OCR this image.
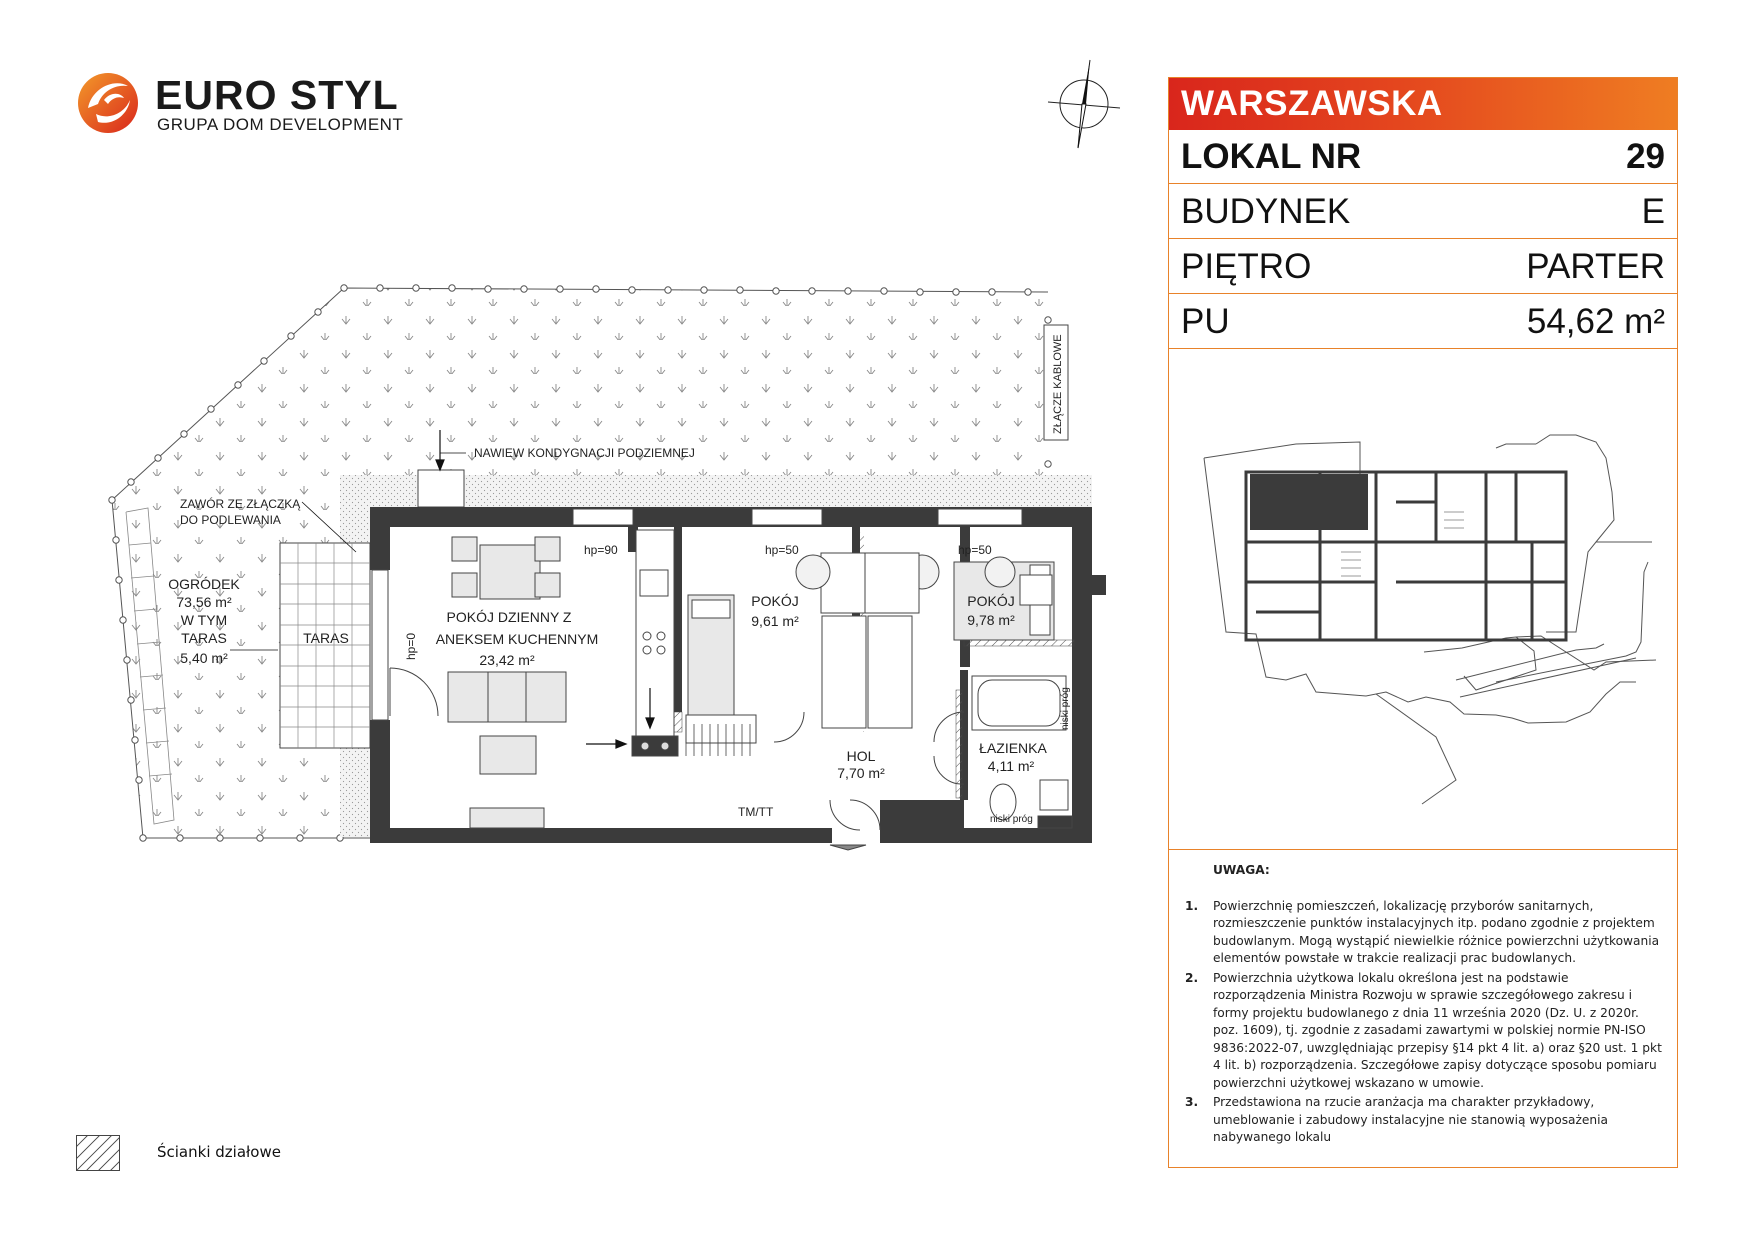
EURO STYL
GRUPA DOM DEVELOPMENT
ZŁĄCZE KABLOWE
POKÓJ DZIENNY Z
ANEKSEM KUCHENNYM
23,42 m²
POKÓJ
9,61 m²
POKÓJ
9,78 m²
HOL
7,70 m²
ŁAZIENKA
4,11 m²
OGRÓDEK
73,56 m²
W TYM
TARAS
5,40 m²
TARAS
hp=90	hp=50	hp=50
hp=0
NAWIEW KONDYGNACJI PODZIEMNEJ
ZAWÓR ZE ZŁĄCZKĄ
DO PODLEWANIA
TM/TT
niski próg
niski próg
WARSZAWSKA
LOKAL NR	29
BUDYNEK	E
PIĘTRO	PARTER
PU	54,62 m²
UWAGA:
1. Powierzchnię pomieszczeń, lokalizację przyborów sanitarnych, rozmieszczenie punktów instalacyjnych itp. podano zgodnie z projektem budowlanym. Mogą wystąpić niewielkie różnice powierzchni użytkowania elementów powstałe w trakcie realizacji prac budowlanych.
2. Powierzchnia użytkowa lokalu określona jest na podstawie rozporządzenia Ministra Rozwoju w sprawie szczegółowego zakresu i formy projektu budowlanego z dnia 11 września 2020 (Dz. U. z 2020r. poz. 1609), tj. zgodnie z zasadami zawartymi w polskiej normie PN-ISO 9836:2022-07, uwzględniając przepisy §14 pkt 4 lit. a) oraz §20 ust. 1 pkt 4 lit. b) rozporządzenia. Szczegółowe zapisy dotyczące sposobu pomiaru powierzchni użytkowej wskazano w umowie.
3. Przedstawiona na rzucie aranżacja ma charakter przykładowy, umeblowanie i zabudowy instalacyjne nie stanowią wyposażenia nabywanego lokalu
Ścianki działowe
